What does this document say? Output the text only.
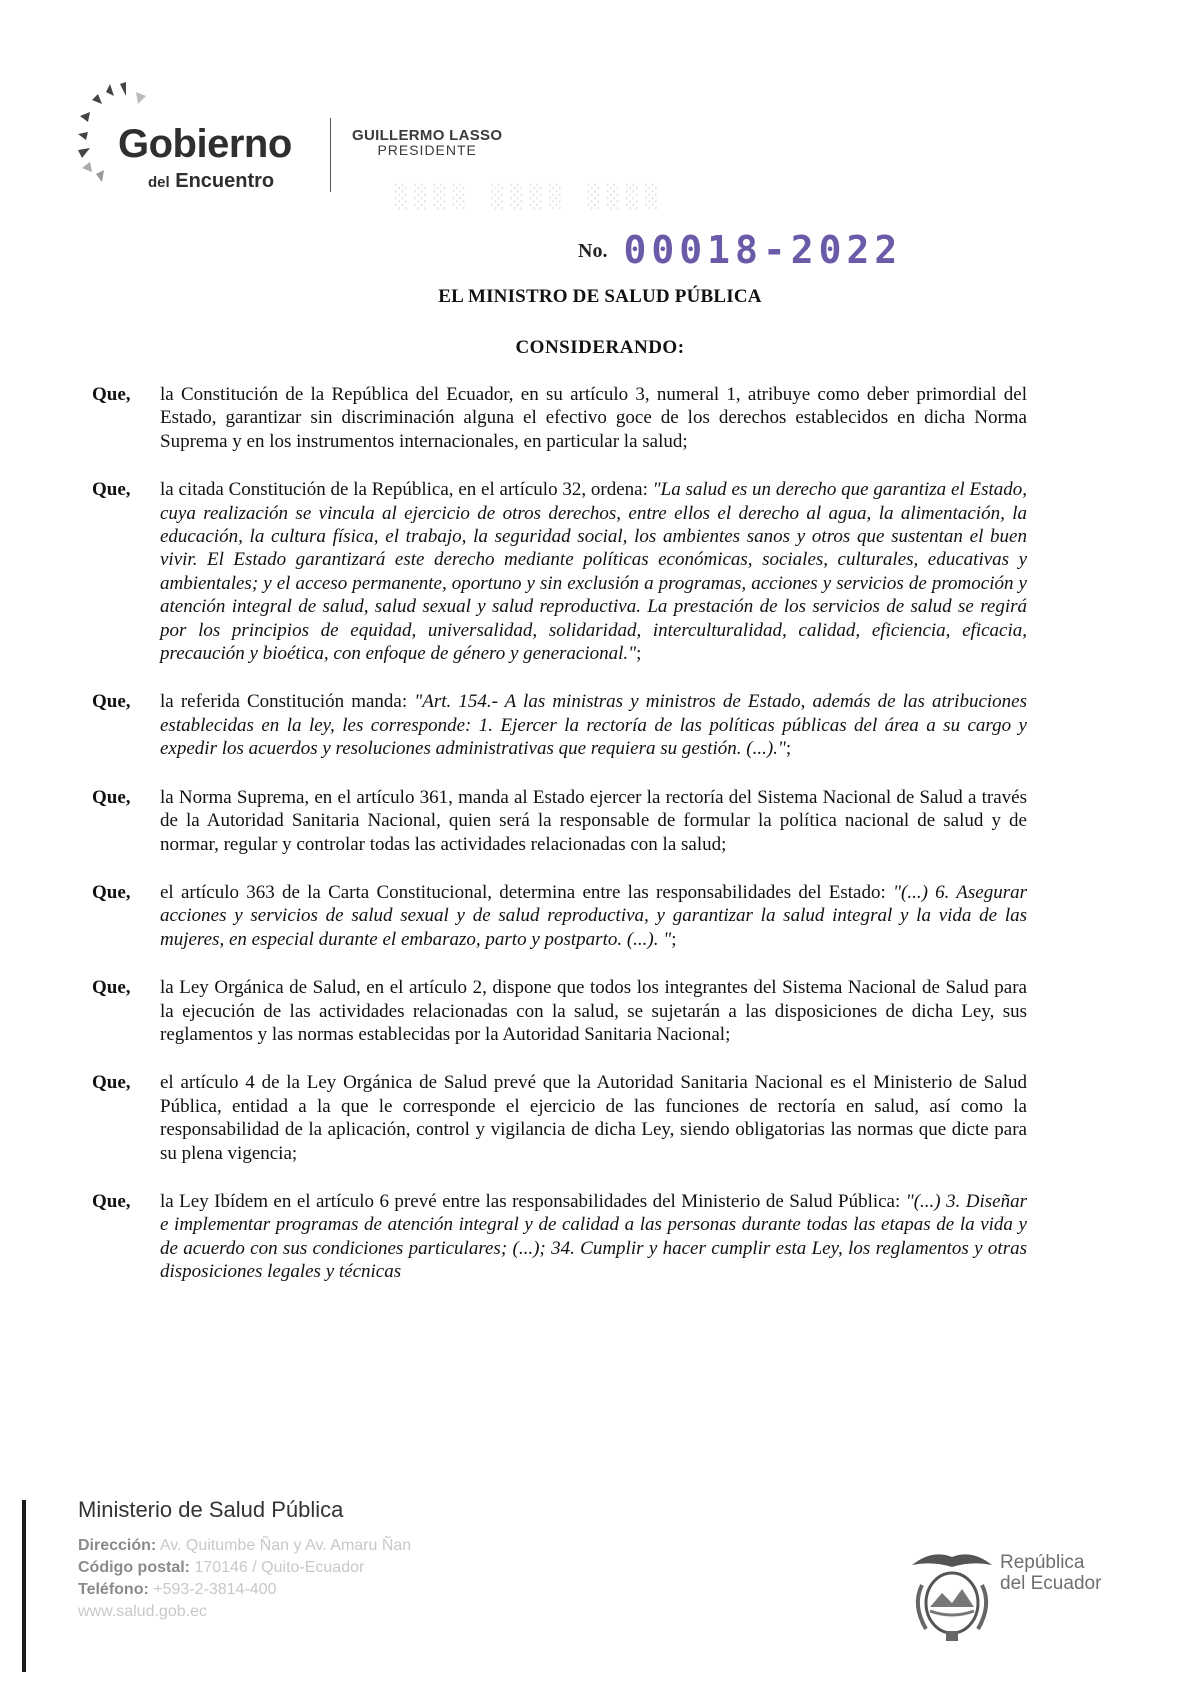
Gobierno
del Encuentro
GUILLERMO LASSO
PRESIDENTE
░░░░ ░░░░ ░░░░
No. 00018-2022
EL MINISTRO DE SALUD PÚBLICA
CONSIDERANDO:
Que,	la Constitución de la República del Ecuador, en su artículo 3, numeral 1, atribuye como deber primordial del Estado, garantizar sin discriminación alguna el efectivo goce de los derechos establecidos en dicha Norma Suprema y en los instrumentos internacionales, en particular la salud;
Que,	la citada Constitución de la República, en el artículo 32, ordena: "La salud es un derecho que garantiza el Estado, cuya realización se vincula al ejercicio de otros derechos, entre ellos el derecho al agua, la alimentación, la educación, la cultura física, el trabajo, la seguridad social, los ambientes sanos y otros que sustentan el buen vivir. El Estado garantizará este derecho mediante políticas económicas, sociales, culturales, educativas y ambientales; y el acceso permanente, oportuno y sin exclusión a programas, acciones y servicios de promoción y atención integral de salud, salud sexual y salud reproductiva. La prestación de los servicios de salud se regirá por los principios de equidad, universalidad, solidaridad, interculturalidad, calidad, eficiencia, eficacia, precaución y bioética, con enfoque de género y generacional.";
Que,	la referida Constitución manda: "Art. 154.- A las ministras y ministros de Estado, además de las atribuciones establecidas en la ley, les corresponde: 1. Ejercer la rectoría de las políticas públicas del área a su cargo y expedir los acuerdos y resoluciones administrativas que requiera su gestión. (...).";
Que,	la Norma Suprema, en el artículo 361, manda al Estado ejercer la rectoría del Sistema Nacional de Salud a través de la Autoridad Sanitaria Nacional, quien será la responsable de formular la política nacional de salud y de normar, regular y controlar todas las actividades relacionadas con la salud;
Que,	el artículo 363 de la Carta Constitucional, determina entre las responsabilidades del Estado: "(...) 6. Asegurar acciones y servicios de salud sexual y de salud reproductiva, y garantizar la salud integral y la vida de las mujeres, en especial durante el embarazo, parto y postparto. (...). ";
Que,	la Ley Orgánica de Salud, en el artículo 2, dispone que todos los integrantes del Sistema Nacional de Salud para la ejecución de las actividades relacionadas con la salud, se sujetarán a las disposiciones de dicha Ley, sus reglamentos y las normas establecidas por la Autoridad Sanitaria Nacional;
Que,	el artículo 4 de la Ley Orgánica de Salud prevé que la Autoridad Sanitaria Nacional es el Ministerio de Salud Pública, entidad a la que le corresponde el ejercicio de las funciones de rectoría en salud, así como la responsabilidad de la aplicación, control y vigilancia de dicha Ley, siendo obligatorias las normas que dicte para su plena vigencia;
Que,	la Ley Ibídem en el artículo 6 prevé entre las responsabilidades del Ministerio de Salud Pública: "(...) 3. Diseñar e implementar programas de atención integral y de calidad a las personas durante todas las etapas de la vida y de acuerdo con sus condiciones particulares; (...); 34. Cumplir y hacer cumplir esta Ley, los reglamentos y otras disposiciones legales y técnicas
Ministerio de Salud Pública
Dirección: Av. Quitumbe Ñan y Av. Amaru Ñan
Código postal: 170146 / Quito-Ecuador
Teléfono: +593-2-3814-400
www.salud.gob.ec
República
del Ecuador
